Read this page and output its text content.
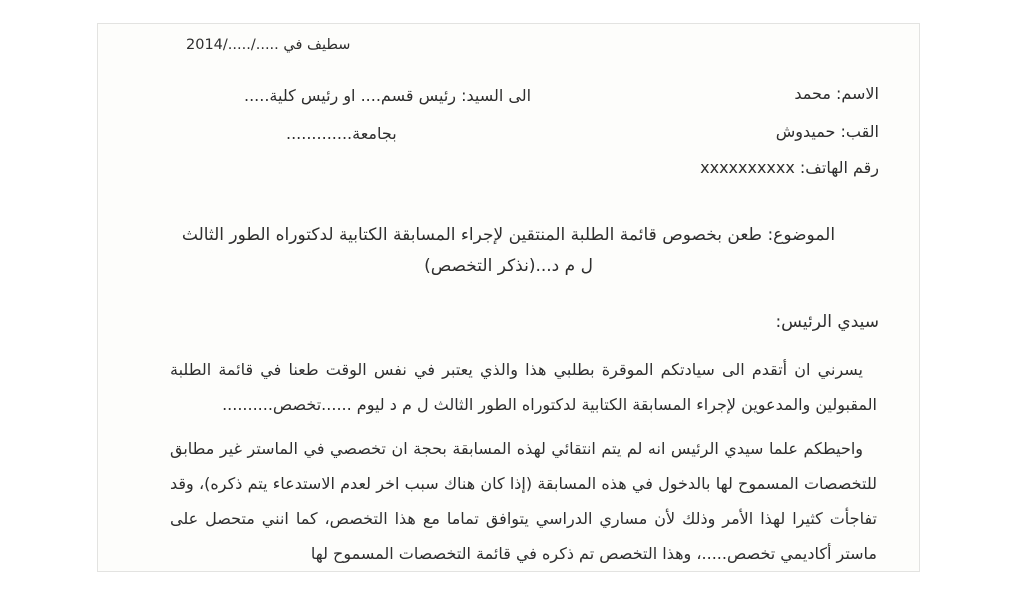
سطيف في ...../...../2014
الاسم: محمد
الى السيد: رئيس قسم.... او رئيس كلية.....
القب: حميدوش
بجامعة.............
رقم الهاتف: xxxxxxxxxx
الموضوع: طعن بخصوص قائمة الطلبة المنتقين لإجراء المسابقة الكتابية لدكتوراه الطور الثالث
ل م د...(نذكر التخصص)
سيدي الرئيس:
يسرني ان أتقدم الى سيادتكم الموقرة بطلبي هذا والذي يعتبر في نفس الوقت طعنا في قائمة الطلبة المقبولين والمدعوين لإجراء المسابقة الكتابية لدكتوراه الطور الثالث ل م د ليوم ......تخصص..........
واحيطكم علما سيدي الرئيس انه لم يتم انتقائي لهذه المسابقة بحجة ان تخصصي في الماستر غير مطابق للتخصصات المسموح لها بالدخول في هذه المسابقة (إذا كان هناك سبب اخر لعدم الاستدعاء يتم ذكره)، وقد تفاجأت كثيرا لهذا الأمر وذلك لأن مساري الدراسي يتوافق تماما مع هذا التخصص، كما انني متحصل على ماستر أكاديمي تخصص.....، وهذا التخصص تم ذكره في قائمة التخصصات المسموح لها
